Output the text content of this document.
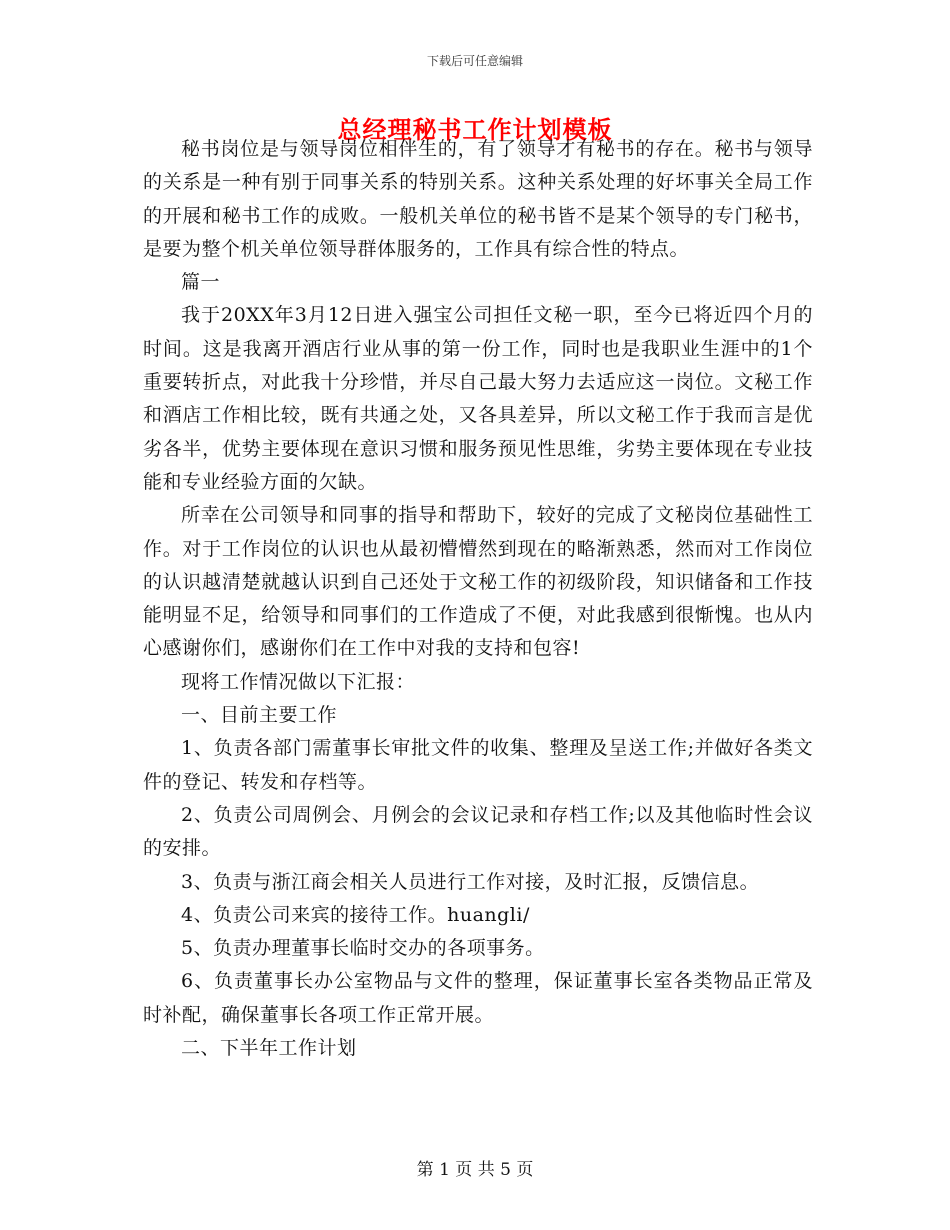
下载后可任意编辑
总经理秘书工作计划模板

秘书岗位是与领导岗位相伴生的，有了领导才有秘书的存在。秘书与领导的关系是一种有别于同事关系的特别关系。这种关系处理的好坏事关全局工作的开展和秘书工作的成败。一般机关单位的秘书皆不是某个领导的专门秘书，是要为整个机关单位领导群体服务的，工作具有综合性的特点。

篇一

我于20XX年3月12日进入强宝公司担任文秘一职，至今已将近四个月的时间。这是我离开酒店行业从事的第一份工作，同时也是我职业生涯中的1个重要转折点，对此我十分珍惜，并尽自己最大努力去适应这一岗位。文秘工作和酒店工作相比较，既有共通之处，又各具差异，所以文秘工作于我而言是优劣各半，优势主要体现在意识习惯和服务预见性思维，劣势主要体现在专业技能和专业经验方面的欠缺。

所幸在公司领导和同事的指导和帮助下，较好的完成了文秘岗位基础性工作。对于工作岗位的认识也从最初懵懵然到现在的略渐熟悉，然而对工作岗位的认识越清楚就越认识到自己还处于文秘工作的初级阶段，知识储备和工作技能明显不足，给领导和同事们的工作造成了不便，对此我感到很惭愧。也从内心感谢你们，感谢你们在工作中对我的支持和包容!

现将工作情况做以下汇报：

一、目前主要工作

1、负责各部门需董事长审批文件的收集、整理及呈送工作;并做好各类文件的登记、转发和存档等。

2、负责公司周例会、月例会的会议记录和存档工作;以及其他临时性会议的安排。

3、负责与浙江商会相关人员进行工作对接，及时汇报，反馈信息。

4、负责公司来宾的接待工作。huangli/

5、负责办理董事长临时交办的各项事务。

6、负责董事长办公室物品与文件的整理，保证董事长室各类物品正常及时补配，确保董事长各项工作正常开展。

二、下半年工作计划

第 1 页 共 5 页
